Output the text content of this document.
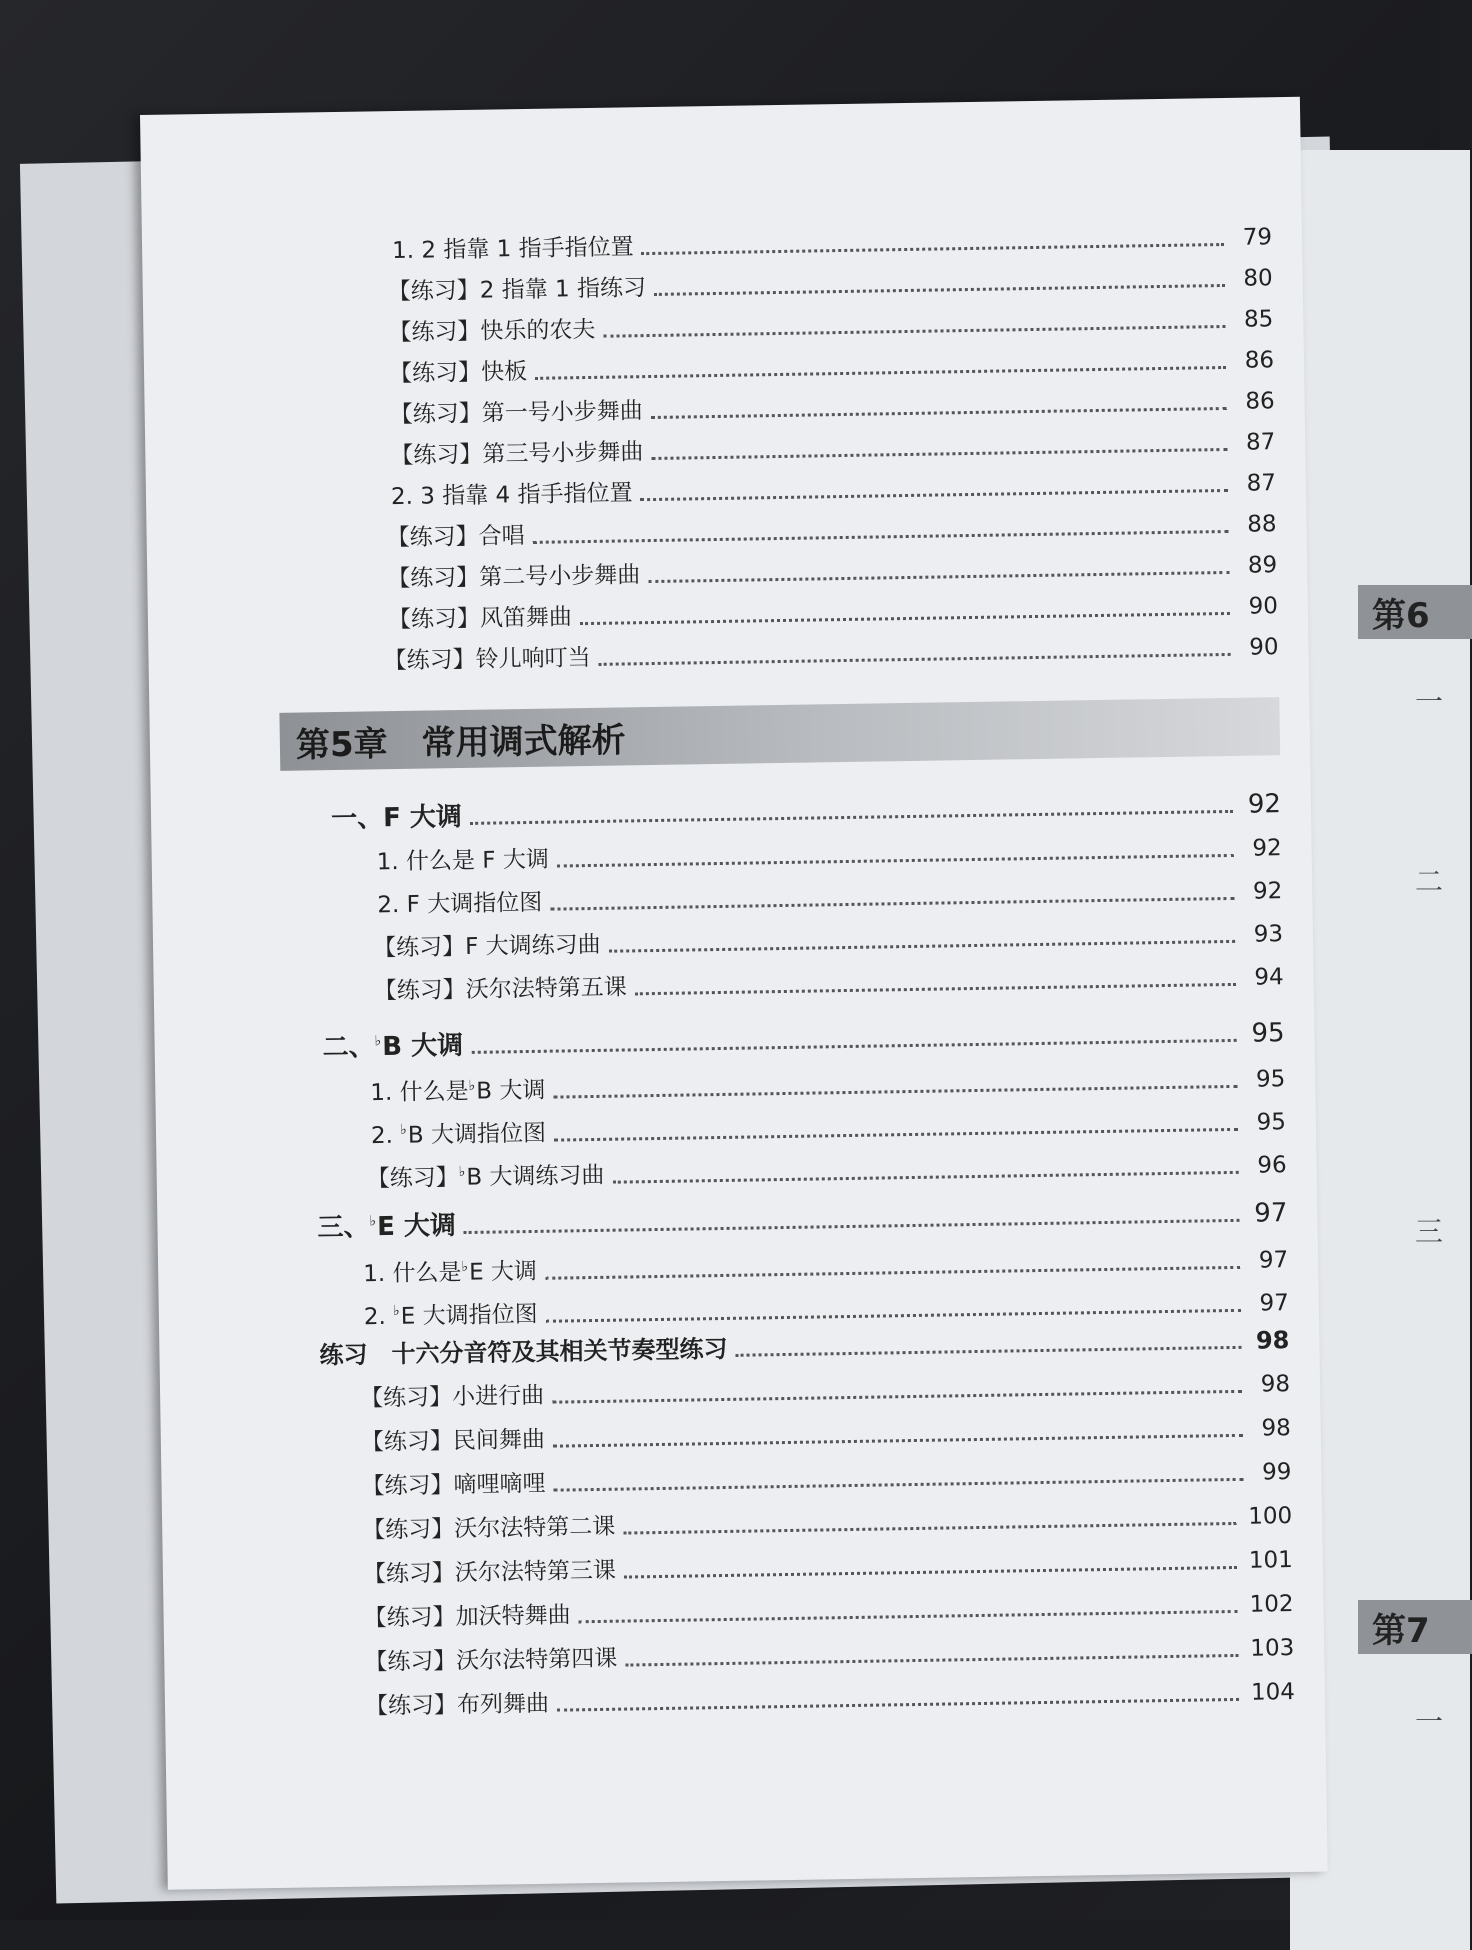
第6
第7
一
二
三
一
1. 2 指靠 1 指手指位置	79
【练习】2 指靠 1 指练习	80
【练习】快乐的农夫	85
【练习】快板	86
【练习】第一号小步舞曲	86
【练习】第三号小步舞曲	87
2. 3 指靠 4 指手指位置	87
【练习】合唱	88
【练习】第二号小步舞曲	89
【练习】风笛舞曲	90
【练习】铃儿响叮当	90
第5章　常用调式解析
一、F 大调	92
1. 什么是 F 大调	92
2. F 大调指位图	92
【练习】F 大调练习曲	93
【练习】沃尔法特第五课	94
二、♭B 大调	95
1. 什么是♭B 大调	95
2. ♭B 大调指位图	95
【练习】♭B 大调练习曲	96
三、♭E 大调	97
1. 什么是♭E 大调	97
2. ♭E 大调指位图	97
练习　十六分音符及其相关节奏型练习	98
【练习】小进行曲	98
【练习】民间舞曲	98
【练习】嘀哩嘀哩	99
【练习】沃尔法特第二课	100
【练习】沃尔法特第三课	101
【练习】加沃特舞曲	102
【练习】沃尔法特第四课	103
【练习】布列舞曲	104
